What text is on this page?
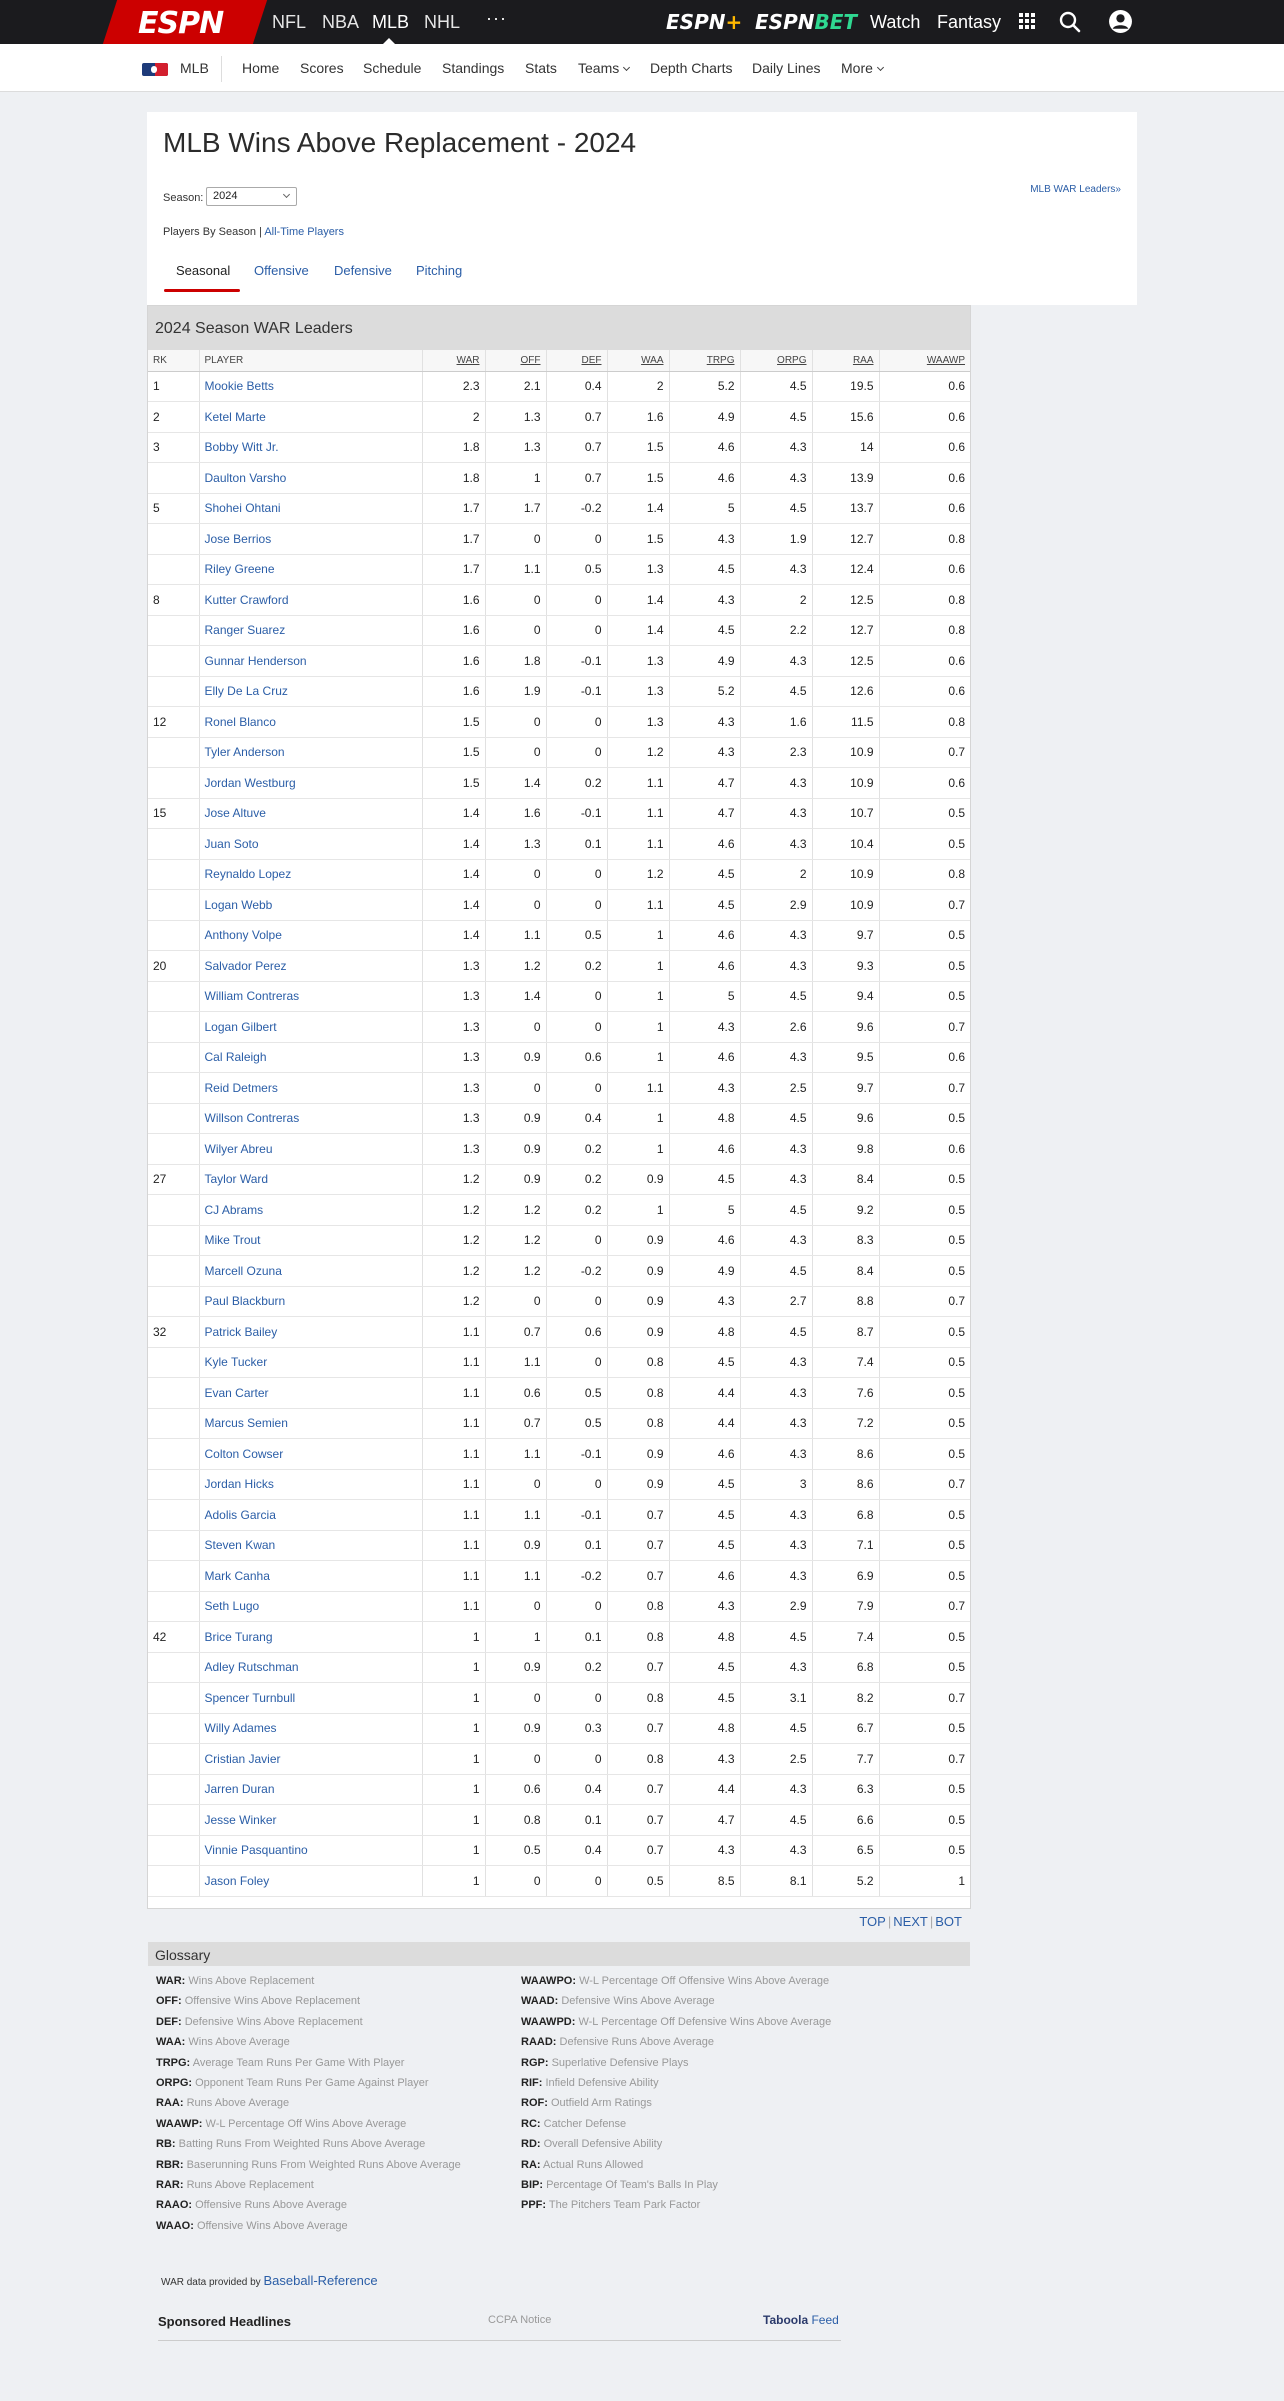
ESPN	NFL NBA MLB NHL ···	ESPN+ ESPNBET Watch Fantasy
MLB Home Scores Schedule Standings Stats Teams	Depth Charts Daily Lines More
MLB Wins Above Replacement - 2024
Season: 2024
MLB WAR Leaders»
Players By Season | All-Time Players
Seasonal Offensive Defensive Pitching
2024 Season WAR Leaders
RK	PLAYER	WAR	OFF	DEF	WAA	TRPG	ORPG	RAA	WAAWP
1	Mookie Betts	2.3	2.1	0.4	2	5.2	4.5	19.5	0.6
2	Ketel Marte	2	1.3	0.7	1.6	4.9	4.5	15.6	0.6
3	Bobby Witt Jr.	1.8	1.3	0.7	1.5	4.6	4.3	14	0.6
	Daulton Varsho	1.8	1	0.7	1.5	4.6	4.3	13.9	0.6
5	Shohei Ohtani	1.7	1.7	-0.2	1.4	5	4.5	13.7	0.6
	Jose Berrios	1.7	0	0	1.5	4.3	1.9	12.7	0.8
	Riley Greene	1.7	1.1	0.5	1.3	4.5	4.3	12.4	0.6
8	Kutter Crawford	1.6	0	0	1.4	4.3	2	12.5	0.8
	Ranger Suarez	1.6	0	0	1.4	4.5	2.2	12.7	0.8
	Gunnar Henderson	1.6	1.8	-0.1	1.3	4.9	4.3	12.5	0.6
	Elly De La Cruz	1.6	1.9	-0.1	1.3	5.2	4.5	12.6	0.6
12	Ronel Blanco	1.5	0	0	1.3	4.3	1.6	11.5	0.8
	Tyler Anderson	1.5	0	0	1.2	4.3	2.3	10.9	0.7
	Jordan Westburg	1.5	1.4	0.2	1.1	4.7	4.3	10.9	0.6
15	Jose Altuve	1.4	1.6	-0.1	1.1	4.7	4.3	10.7	0.5
	Juan Soto	1.4	1.3	0.1	1.1	4.6	4.3	10.4	0.5
	Reynaldo Lopez	1.4	0	0	1.2	4.5	2	10.9	0.8
	Logan Webb	1.4	0	0	1.1	4.5	2.9	10.9	0.7
	Anthony Volpe	1.4	1.1	0.5	1	4.6	4.3	9.7	0.5
20	Salvador Perez	1.3	1.2	0.2	1	4.6	4.3	9.3	0.5
	William Contreras	1.3	1.4	0	1	5	4.5	9.4	0.5
	Logan Gilbert	1.3	0	0	1	4.3	2.6	9.6	0.7
	Cal Raleigh	1.3	0.9	0.6	1	4.6	4.3	9.5	0.6
	Reid Detmers	1.3	0	0	1.1	4.3	2.5	9.7	0.7
	Willson Contreras	1.3	0.9	0.4	1	4.8	4.5	9.6	0.5
	Wilyer Abreu	1.3	0.9	0.2	1	4.6	4.3	9.8	0.6
27	Taylor Ward	1.2	0.9	0.2	0.9	4.5	4.3	8.4	0.5
	CJ Abrams	1.2	1.2	0.2	1	5	4.5	9.2	0.5
	Mike Trout	1.2	1.2	0	0.9	4.6	4.3	8.3	0.5
	Marcell Ozuna	1.2	1.2	-0.2	0.9	4.9	4.5	8.4	0.5
	Paul Blackburn	1.2	0	0	0.9	4.3	2.7	8.8	0.7
32	Patrick Bailey	1.1	0.7	0.6	0.9	4.8	4.5	8.7	0.5
	Kyle Tucker	1.1	1.1	0	0.8	4.5	4.3	7.4	0.5
	Evan Carter	1.1	0.6	0.5	0.8	4.4	4.3	7.6	0.5
	Marcus Semien	1.1	0.7	0.5	0.8	4.4	4.3	7.2	0.5
	Colton Cowser	1.1	1.1	-0.1	0.9	4.6	4.3	8.6	0.5
	Jordan Hicks	1.1	0	0	0.9	4.5	3	8.6	0.7
	Adolis Garcia	1.1	1.1	-0.1	0.7	4.5	4.3	6.8	0.5
	Steven Kwan	1.1	0.9	0.1	0.7	4.5	4.3	7.1	0.5
	Mark Canha	1.1	1.1	-0.2	0.7	4.6	4.3	6.9	0.5
	Seth Lugo	1.1	0	0	0.8	4.3	2.9	7.9	0.7
42	Brice Turang	1	1	0.1	0.8	4.8	4.5	7.4	0.5
	Adley Rutschman	1	0.9	0.2	0.7	4.5	4.3	6.8	0.5
	Spencer Turnbull	1	0	0	0.8	4.5	3.1	8.2	0.7
	Willy Adames	1	0.9	0.3	0.7	4.8	4.5	6.7	0.5
	Cristian Javier	1	0	0	0.8	4.3	2.5	7.7	0.7
	Jarren Duran	1	0.6	0.4	0.7	4.4	4.3	6.3	0.5
	Jesse Winker	1	0.8	0.1	0.7	4.7	4.5	6.6	0.5
	Vinnie Pasquantino	1	0.5	0.4	0.7	4.3	4.3	6.5	0.5
	Jason Foley	1	0	0	0.5	8.5	8.1	5.2	1
TOP | NEXT | BOT
Glossary
WAR: Wins Above Replacement
OFF: Offensive Wins Above Replacement
DEF: Defensive Wins Above Replacement
WAA: Wins Above Average
TRPG: Average Team Runs Per Game With Player
ORPG: Opponent Team Runs Per Game Against Player
RAA: Runs Above Average
WAAWP: W-L Percentage Off Wins Above Average
RB: Batting Runs From Weighted Runs Above Average
RBR: Baserunning Runs From Weighted Runs Above Average
RAR: Runs Above Replacement
RAAO: Offensive Runs Above Average
WAAO: Offensive Wins Above Average
WAAWPO: W-L Percentage Off Offensive Wins Above Average
WAAD: Defensive Wins Above Average
WAAWPD: W-L Percentage Off Defensive Wins Above Average
RAAD: Defensive Runs Above Average
RGP: Superlative Defensive Plays
RIF: Infield Defensive Ability
ROF: Outfield Arm Ratings
RC: Catcher Defense
RD: Overall Defensive Ability
RA: Actual Runs Allowed
BIP: Percentage Of Team's Balls In Play
PPF: The Pitchers Team Park Factor
WAR data provided by Baseball-Reference
Sponsored Headlines	CCPA Notice	Taboola Feed
